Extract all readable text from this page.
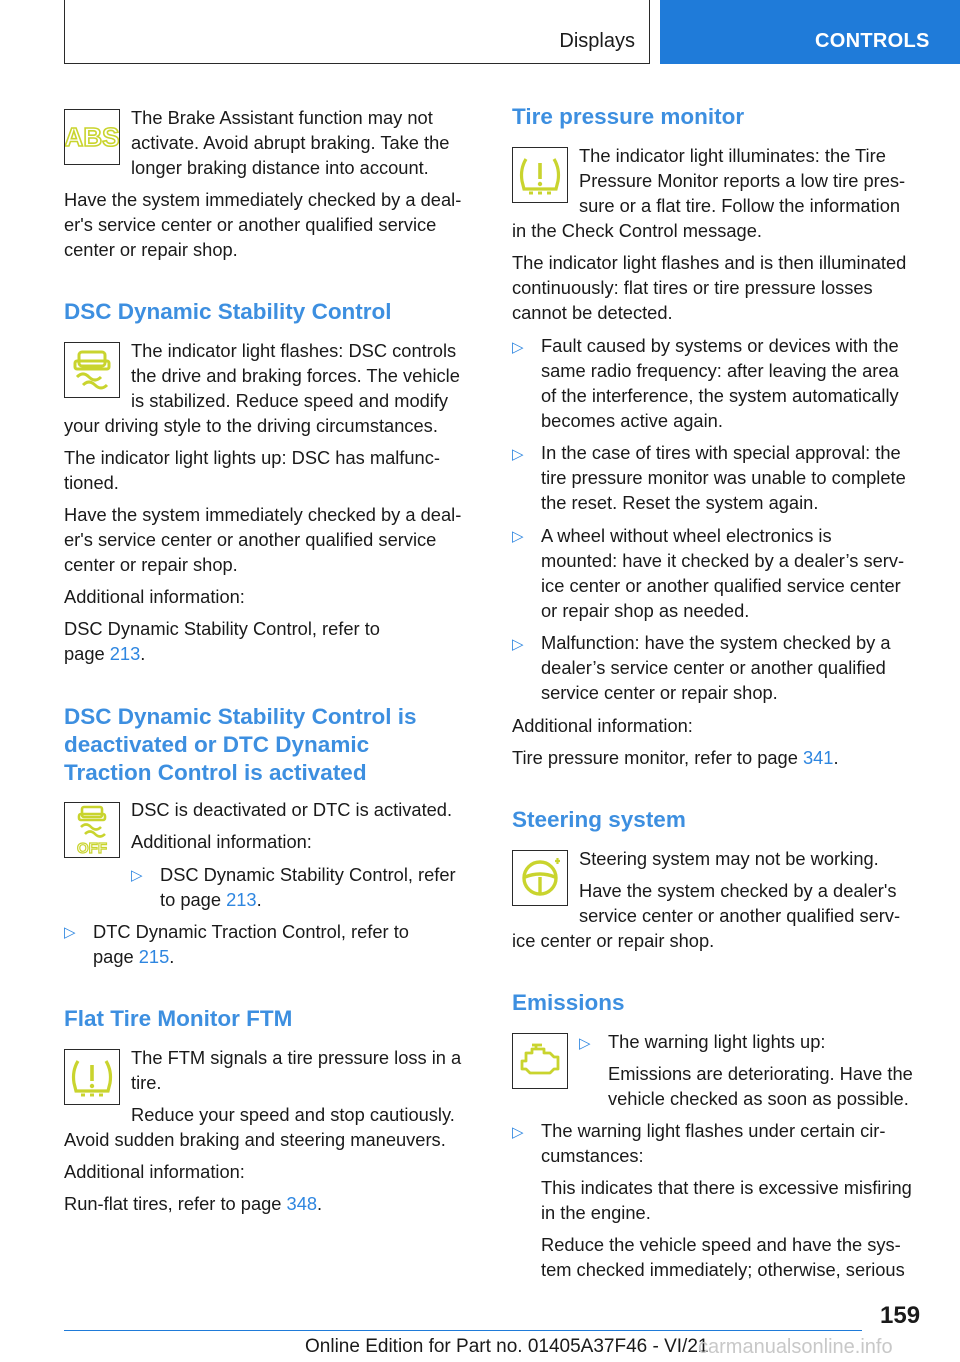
Displays	CONTROLS
ABS

The Brake Assistant function may not

activate. Avoid abrupt braking. Take the

longer braking distance into account.

Have the system immediately checked by a deal-

er's service center or another qualified service

center or repair shop.

DSC Dynamic Stability Control

The indicator light flashes: DSC controls

the drive and braking forces. The vehicle

is stabilized. Reduce speed and modify

your driving style to the driving circumstances.

The indicator light lights up: DSC has malfunc-

tioned.

Have the system immediately checked by a deal-

er's service center or another qualified service

center or repair shop.

Additional information:

DSC Dynamic Stability Control, refer to

page 213.

DSC Dynamic Stability Control is
deactivated or DTC Dynamic
Traction Control is activated
OFF

DSC is deactivated or DTC is activated.

Additional information:

▷ DSC Dynamic Stability Control, refer

to page 213.

▷ DTC Dynamic Traction Control, refer to

page 215.

Flat Tire Monitor FTM

The FTM signals a tire pressure loss in a

tire.

Reduce your speed and stop cautiously.

Avoid sudden braking and steering maneuvers.

Additional information:

Run-flat tires, refer to page 348.

Tire pressure monitor

The indicator light illuminates: the Tire

Pressure Monitor reports a low tire pres-

sure or a flat tire. Follow the information

in the Check Control message.

The indicator light flashes and is then illuminated

continuously: flat tires or tire pressure losses

cannot be detected.

▷ Fault caused by systems or devices with the

same radio frequency: after leaving the area

of the interference, the system automatically

becomes active again.

▷ In the case of tires with special approval: the

tire pressure monitor was unable to complete

the reset. Reset the system again.

▷ A wheel without wheel electronics is

mounted: have it checked by a dealer’s serv-

ice center or another qualified service center

or repair shop as needed.

▷ Malfunction: have the system checked by a

dealer’s service center or another qualified

service center or repair shop.

Additional information:

Tire pressure monitor, refer to page 341.

Steering system

Steering system may not be working.

Have the system checked by a dealer's

service center or another qualified serv-

ice center or repair shop.

Emissions
▷ The warning light lights up:

Emissions are deteriorating. Have the

vehicle checked as soon as possible.

▷ The warning light flashes under certain cir-

cumstances:

This indicates that there is excessive misfiring

in the engine.

Reduce the vehicle speed and have the sys-

tem checked immediately; otherwise, serious

159
Online Edition for Part no. 01405A37F46 - VI/21
carmanualsonline.info
